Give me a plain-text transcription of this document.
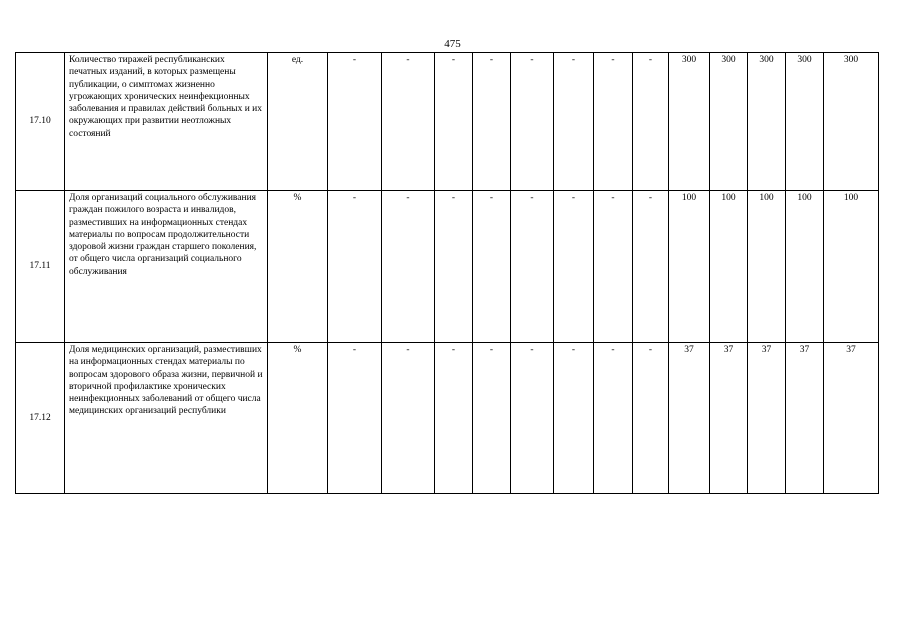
475
17.10	Количество тиражей республиканских печатных изданий, в которых размещены публикации, о симптомах жизненно угрожающих хронических неинфекционных заболевания и правилах действий больных и их окружающих при развитии неотложных состояний	ед.	-	-	-	-	-	-	-	-	300	300	300	300	300
17.11	Доля организаций социального обслуживания граждан пожилого возраста и инвалидов, разместивших на информационных стендах материалы по вопросам продолжительности здоровой жизни граждан старшего поколения, от общего числа организаций социального обслуживания	%	-	-	-	-	-	-	-	-	100	100	100	100	100
17.12	Доля медицинских организаций, разместивших на информационных стендах материалы по вопросам здорового образа жизни, первичной и вторичной профилактике хронических неинфекционных заболеваний от общего числа медицинских организаций республики	%	-	-	-	-	-	-	-	-	37	37	37	37	37
